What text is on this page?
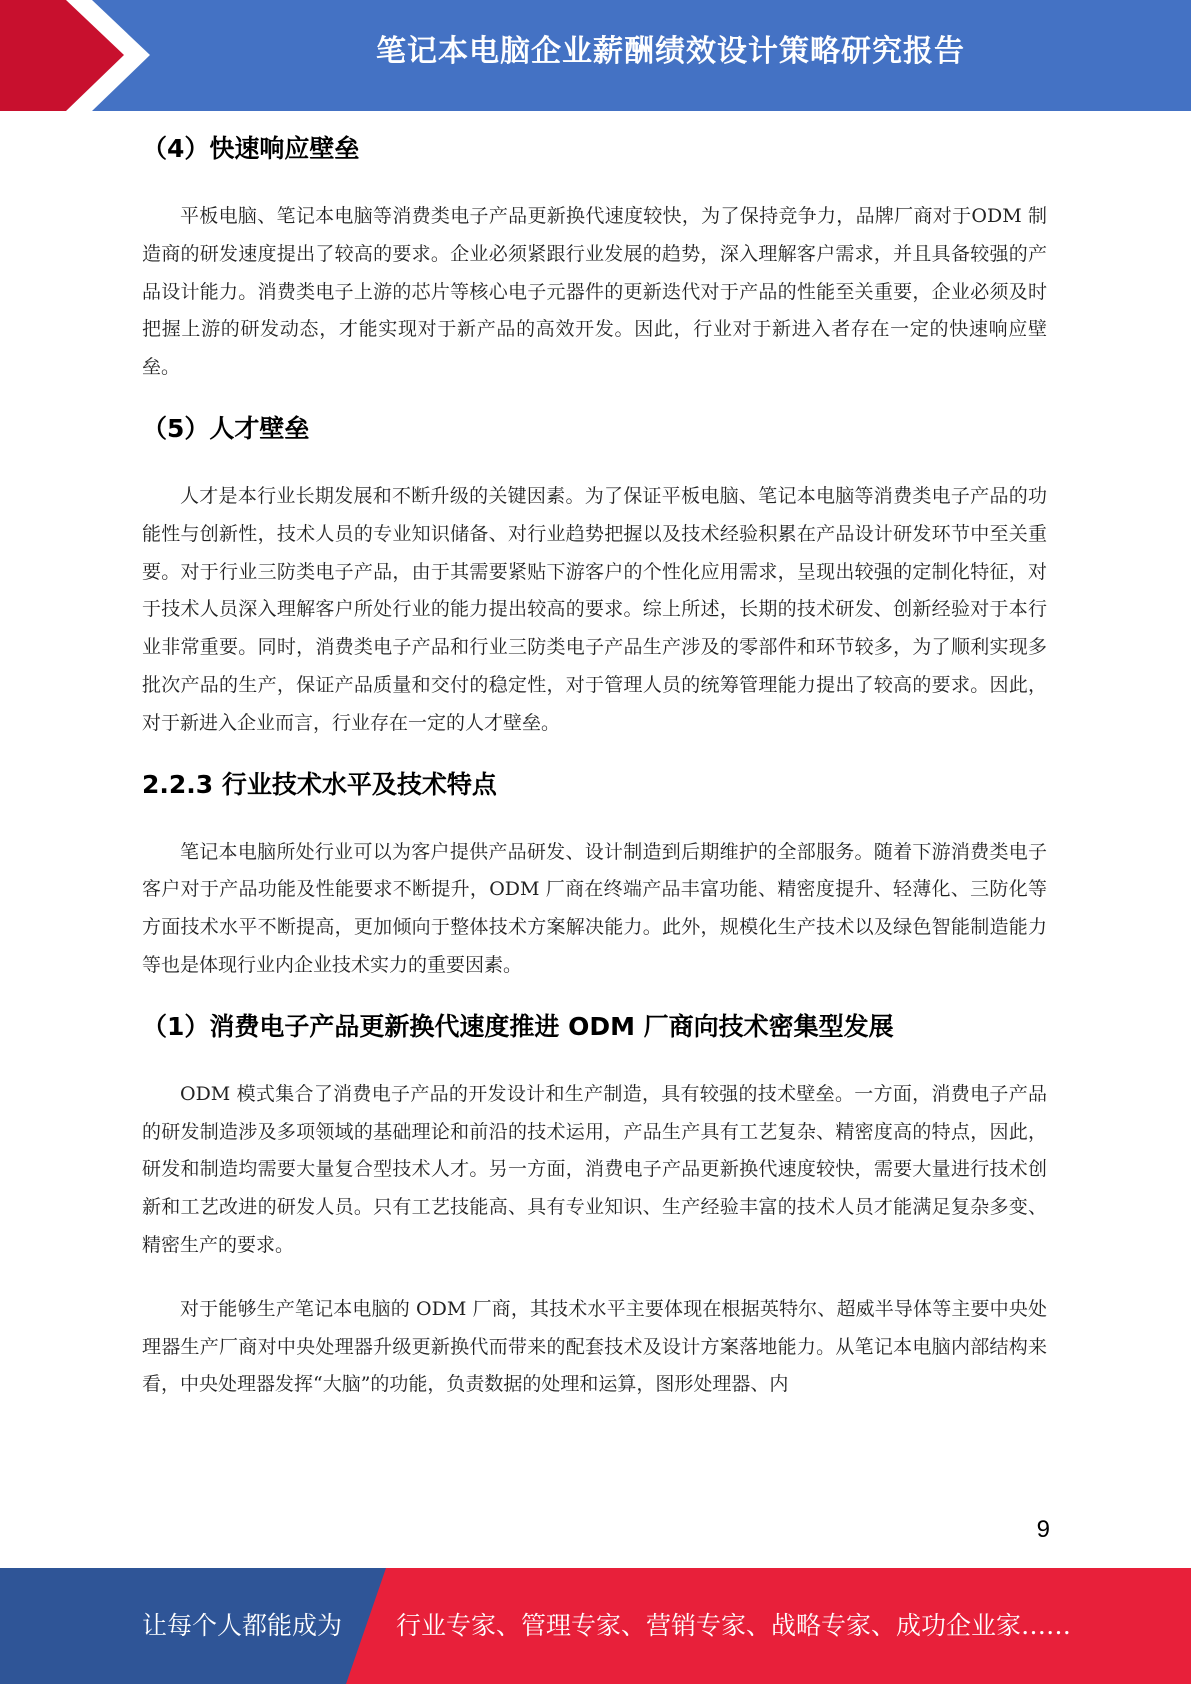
笔记本电脑企业薪酬绩效设计策略研究报告
（4）快速响应壁垒

平板电脑、笔记本电脑等消费类电子产品更新换代速度较快，为了保持竞争力，品牌厂商对于ODM 制造商的研发速度提出了较高的要求。企业必须紧跟行业发展的趋势，深入理解客户需求，并且具备较强的产品设计能力。消费类电子上游的芯片等核心电子元器件的更新迭代对于产品的性能至关重要，企业必须及时把握上游的研发动态，才能实现对于新产品的高效开发。因此，行业对于新进入者存在一定的快速响应壁垒。

（5）人才壁垒

人才是本行业长期发展和不断升级的关键因素。为了保证平板电脑、笔记本电脑等消费类电子产品的功能性与创新性，技术人员的专业知识储备、对行业趋势把握以及技术经验积累在产品设计研发环节中至关重要。对于行业三防类电子产品，由于其需要紧贴下游客户的个性化应用需求，呈现出较强的定制化特征，对于技术人员深入理解客户所处行业的能力提出较高的要求。综上所述，长期的技术研发、创新经验对于本行业非常重要。同时，消费类电子产品和行业三防类电子产品生产涉及的零部件和环节较多，为了顺利实现多批次产品的生产，保证产品质量和交付的稳定性，对于管理人员的统筹管理能力提出了较高的要求。因此，对于新进入企业而言，行业存在一定的人才壁垒。

2.2.3 行业技术水平及技术特点

笔记本电脑所处行业可以为客户提供产品研发、设计制造到后期维护的全部服务。随着下游消费类电子客户对于产品功能及性能要求不断提升，ODM 厂商在终端产品丰富功能、精密度提升、轻薄化、三防化等方面技术水平不断提高，更加倾向于整体技术方案解决能力。此外，规模化生产技术以及绿色智能制造能力等也是体现行业内企业技术实力的重要因素。

（1）消费电子产品更新换代速度推进 ODM 厂商向技术密集型发展

ODM 模式集合了消费电子产品的开发设计和生产制造，具有较强的技术壁垒。一方面，消费电子产品的研发制造涉及多项领域的基础理论和前沿的技术运用，产品生产具有工艺复杂、精密度高的特点，因此，研发和制造均需要大量复合型技术人才。另一方面，消费电子产品更新换代速度较快，需要大量进行技术创新和工艺改进的研发人员。只有工艺技能高、具有专业知识、生产经验丰富的技术人员才能满足复杂多变、精密生产的要求。

对于能够生产笔记本电脑的 ODM 厂商，其技术水平主要体现在根据英特尔、超威半导体等主要中央处理器生产厂商对中央处理器升级更新换代而带来的配套技术及设计方案落地能力。从笔记本电脑内部结构来看，中央处理器发挥“大脑”的功能，负责数据的处理和运算，图形处理器、内

9
让每个人都能成为 行业专家、管理专家、营销专家、战略专家、成功企业家……
